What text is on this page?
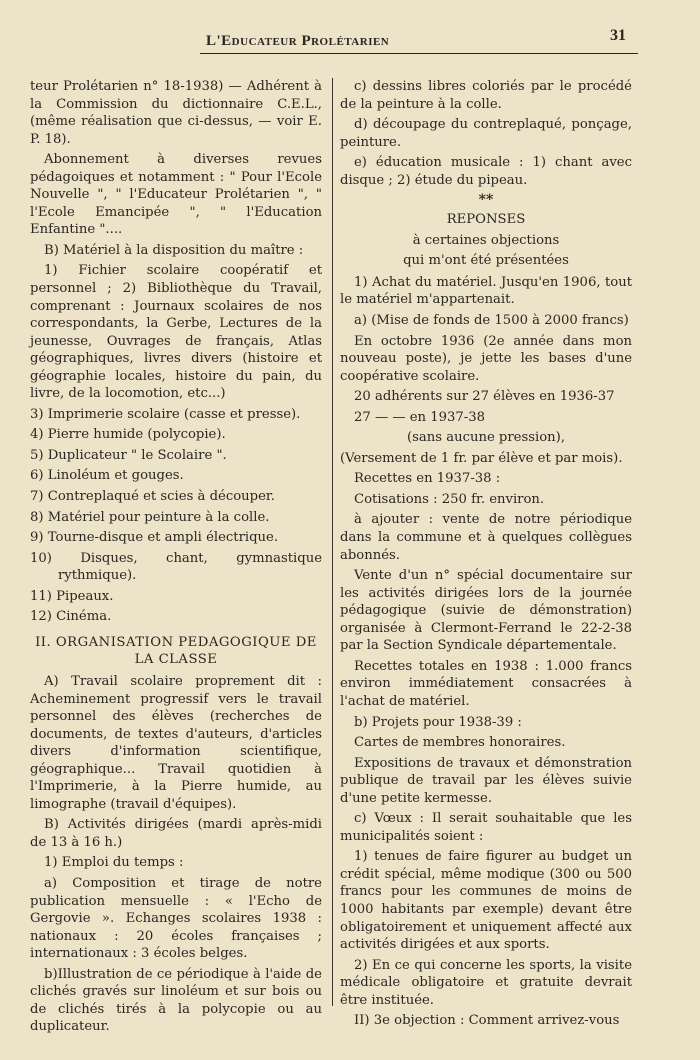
L'Educateur Prolétarien	31

teur Prolétarien n° 18-1938) — Adhérent à la Commission du dictionnaire C.E.L., (même réalisation que ci-dessus, — voir E. P. 18).

Abonnement à diverses revues pédagoiques et notamment : " Pour l'Ecole Nouvelle ", " l'Educateur Prolétarien ", " l'Ecole Emancipée ", " l'Education Enfantine "....

B) Matériel à la disposition du maître :

1) Fichier scolaire coopératif et personnel ; 2) Bibliothèque du Travail, comprenant : Journaux scolaires de nos correspondants, la Gerbe, Lectures de la jeunesse, Ouvrages de français, Atlas géographiques, livres divers (histoire et géographie locales, histoire du pain, du livre, de la locomotion, etc...)

3) Imprimerie scolaire (casse et presse).

4) Pierre humide (polycopie).

5) Duplicateur " le Scolaire ".

6) Linoléum et gouges.

7) Contreplaqué et scies à découper.

8) Matériel pour peinture à la colle.

9) Tourne-disque et ampli électrique.

10) Disques, chant, gymnastique rythmique).

11) Pipeaux.

12) Cinéma.

II. ORGANISATION PEDAGOGIQUE DE LA CLASSE

A) Travail scolaire proprement dit : Acheminement progressif vers le travail personnel des élèves (recherches de documents, de textes d'auteurs, d'articles divers d'information scientifique, géographique... Travail quotidien à l'Imprimerie, à la Pierre humide, au limographe (travail d'équipes).

B) Activités dirigées (mardi après-midi de 13 à 16 h.)

1) Emploi du temps :

a) Composition et tirage de notre publication mensuelle : « l'Echo de Gergovie ». Echanges scolaires 1938 : nationaux : 20 écoles françaises ; internationaux : 3 écoles belges.

b)Illustration de ce périodique à l'aide de clichés gravés sur linoléum et sur bois ou de clichés tirés à la polycopie ou au duplicateur.

c) dessins libres coloriés par le procédé de la peinture à la colle.

d) découpage du contreplaqué, ponçage, peinture.

e) éducation musicale : 1) chant avec disque ; 2) étude du pipeau.

**

REPONSES

à certaines objections

qui m'ont été présentées

1) Achat du matériel. Jusqu'en 1906, tout le matériel m'appartenait.

a) (Mise de fonds de 1500 à 2000 francs)

En octobre 1936 (2e année dans mon nouveau poste), je jette les bases d'une coopérative scolaire.

20 adhérents sur 27 élèves en 1936-37

27 — — en 1937-38

(sans aucune pression),

(Versement de 1 fr. par élève et par mois).

Recettes en 1937-38 :

Cotisations : 250 fr. environ.

à ajouter : vente de notre périodique dans la commune et à quelques collègues abonnés.

Vente d'un n° spécial documentaire sur les activités dirigées lors de la journée pédagogique (suivie de démonstration) organisée à Clermont-Ferrand le 22-2-38 par la Section Syndicale départementale.

Recettes totales en 1938 : 1.000 francs environ immédiatement consacrées à l'achat de matériel.

b) Projets pour 1938-39 :

Cartes de membres honoraires.

Expositions de travaux et démonstration publique de travail par les élèves suivie d'une petite kermesse.

c) Vœux : Il serait souhaitable que les municipalités soient :

1) tenues de faire figurer au budget un crédit spécial, même modique (300 ou 500 francs pour les communes de moins de 1000 habitants par exemple) devant être obligatoirement et uniquement affecté aux activités dirigées et aux sports.

2) En ce qui concerne les sports, la visite médicale obligatoire et gratuite devrait être instituée.

II) 3e objection : Comment arrivez-vous
